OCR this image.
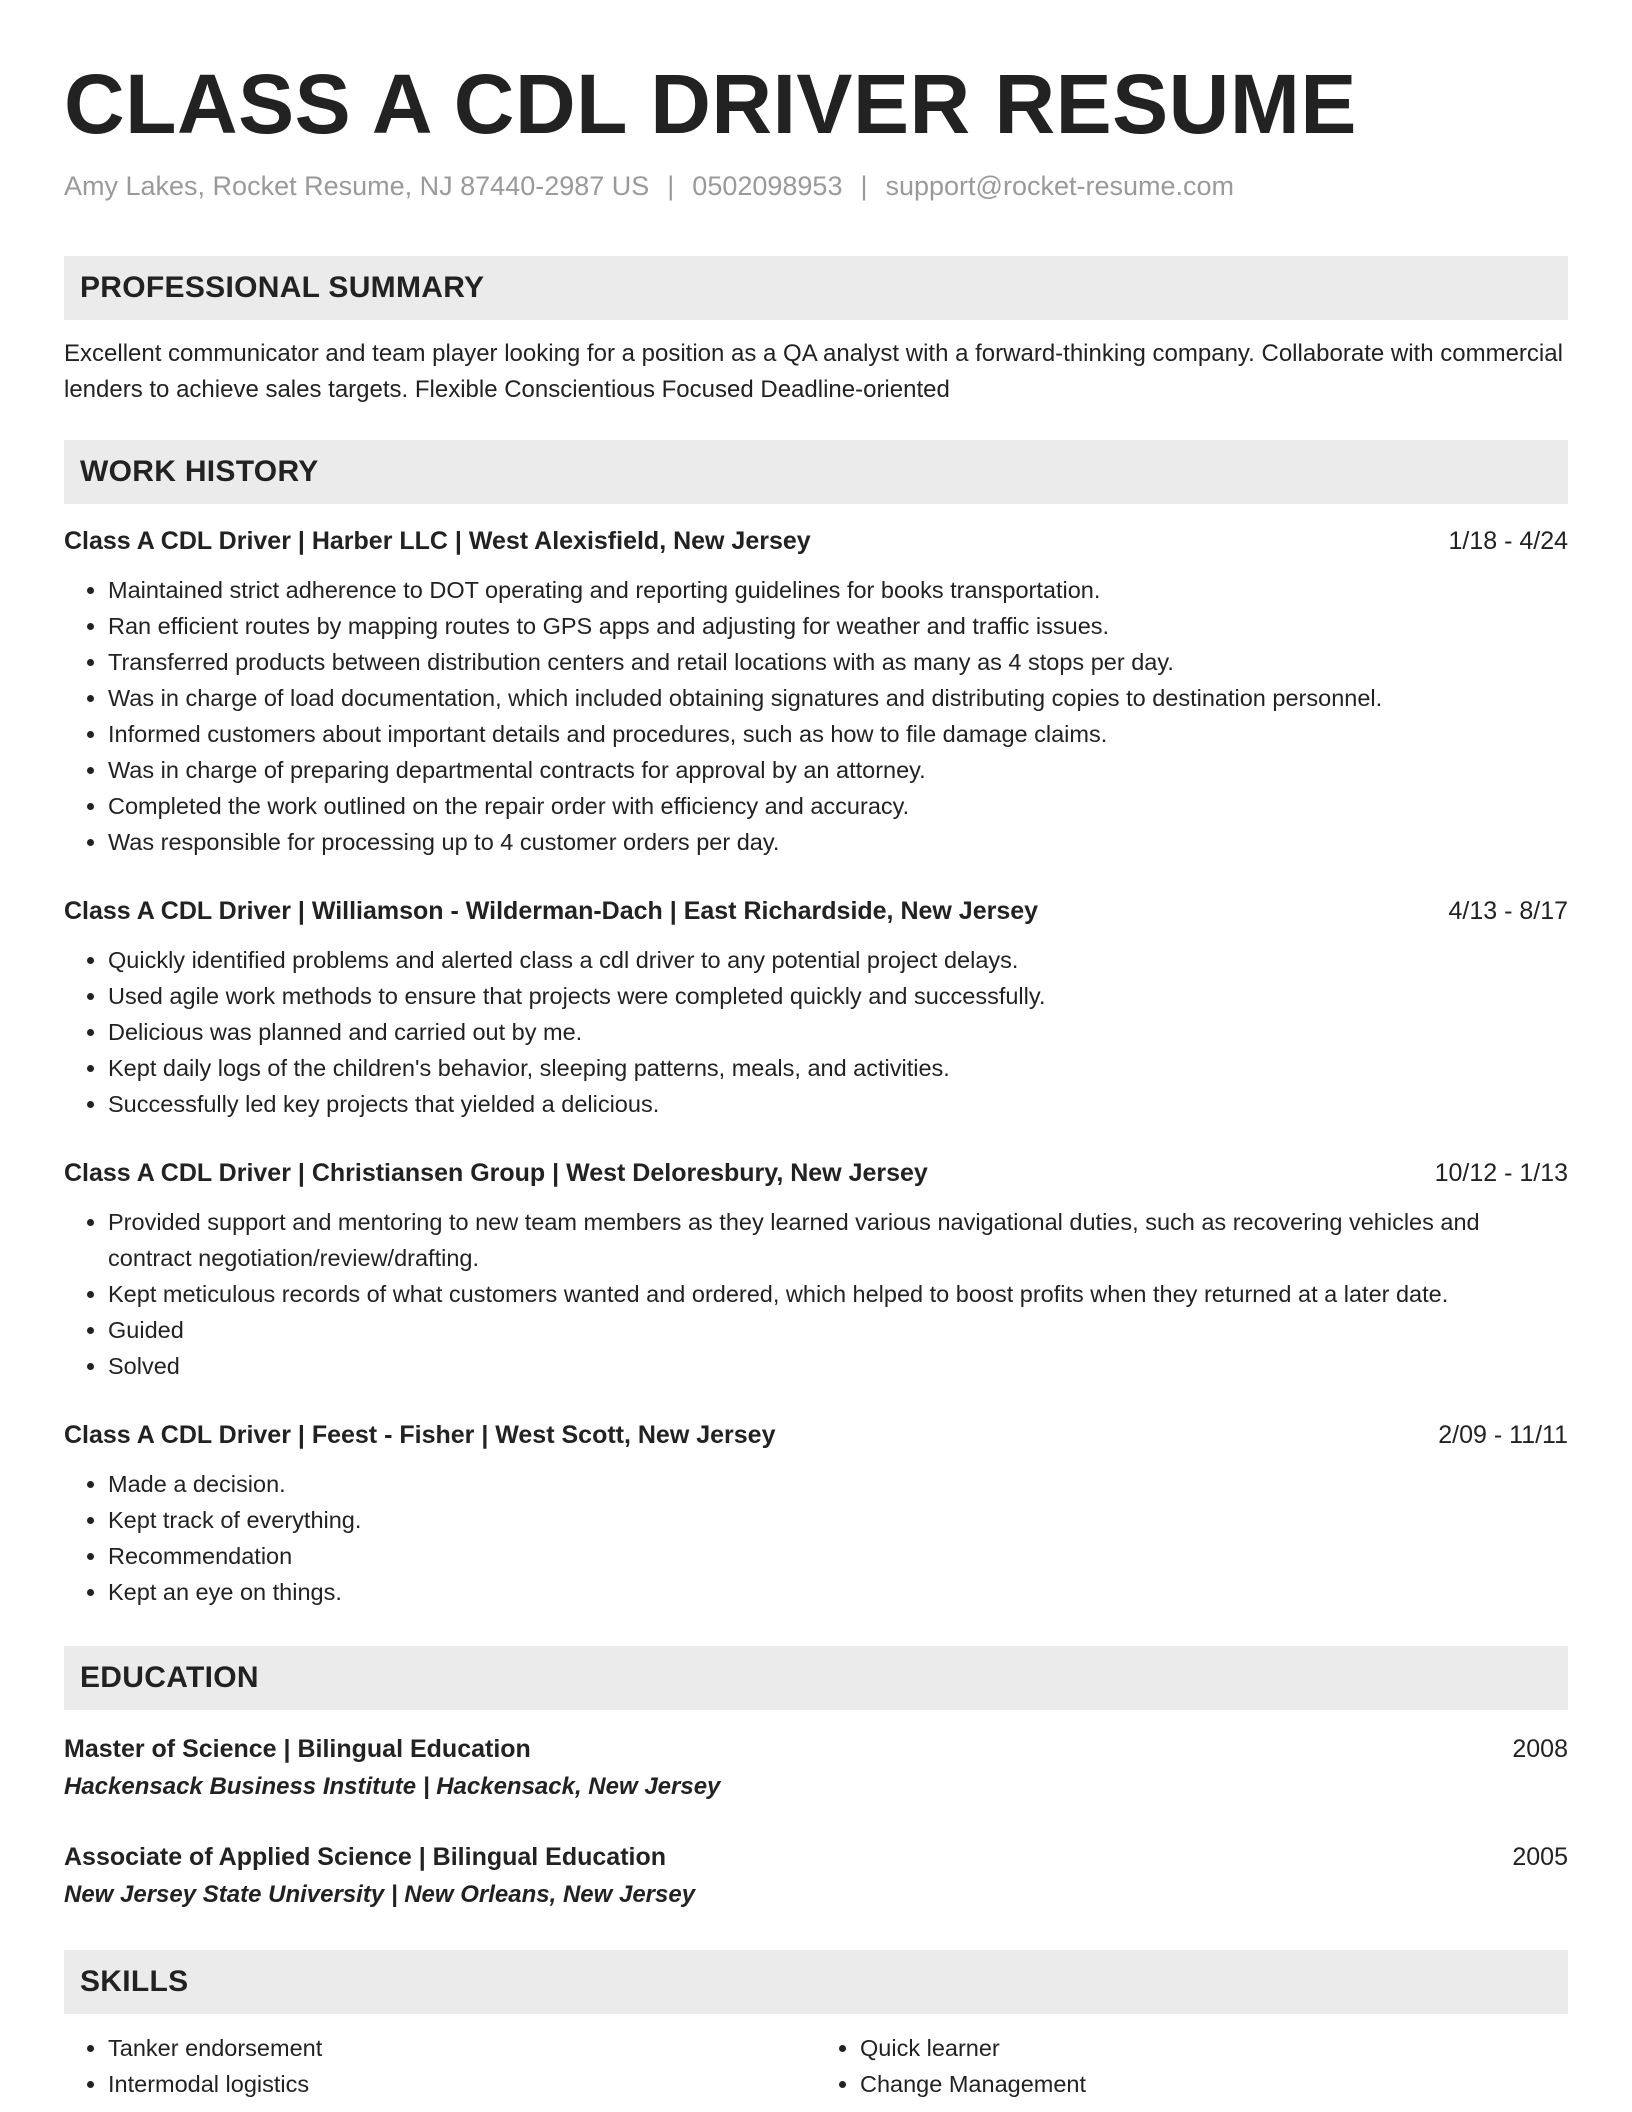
CLASS A CDL DRIVER RESUME
Amy Lakes, Rocket Resume, NJ 87440-2987 US | 0502098953 | support@rocket-resume.com
PROFESSIONAL SUMMARY
Excellent communicator and team player looking for a position as a QA analyst with a forward-thinking company. Collaborate with commercial lenders to achieve sales targets. Flexible Conscientious Focused Deadline-oriented
WORK HISTORY
Class A CDL Driver | Harber LLC | West Alexisfield, New Jersey	1/18 - 4/24
• Maintained strict adherence to DOT operating and reporting guidelines for books transportation.
• Ran efficient routes by mapping routes to GPS apps and adjusting for weather and traffic issues.
• Transferred products between distribution centers and retail locations with as many as 4 stops per day.
• Was in charge of load documentation, which included obtaining signatures and distributing copies to destination personnel.
• Informed customers about important details and procedures, such as how to file damage claims.
• Was in charge of preparing departmental contracts for approval by an attorney.
• Completed the work outlined on the repair order with efficiency and accuracy.
• Was responsible for processing up to 4 customer orders per day.
Class A CDL Driver | Williamson - Wilderman-Dach | East Richardside, New Jersey	4/13 - 8/17
• Quickly identified problems and alerted class a cdl driver to any potential project delays.
• Used agile work methods to ensure that projects were completed quickly and successfully.
• Delicious was planned and carried out by me.
• Kept daily logs of the children's behavior, sleeping patterns, meals, and activities.
• Successfully led key projects that yielded a delicious.
Class A CDL Driver | Christiansen Group | West Deloresbury, New Jersey	10/12 - 1/13
• Provided support and mentoring to new team members as they learned various navigational duties, such as recovering vehicles and contract negotiation/review/drafting.
• Kept meticulous records of what customers wanted and ordered, which helped to boost profits when they returned at a later date.
• Guided
• Solved
Class A CDL Driver | Feest - Fisher | West Scott, New Jersey	2/09 - 11/11
• Made a decision.
• Kept track of everything.
• Recommendation
• Kept an eye on things.
EDUCATION
Master of Science | Bilingual Education	2008
Hackensack Business Institute | Hackensack, New Jersey
Associate of Applied Science | Bilingual Education	2005
New Jersey State University | New Orleans, New Jersey
SKILLS
• Tanker endorsement
• Intermodal logistics
• Quick learner
• Change Management
